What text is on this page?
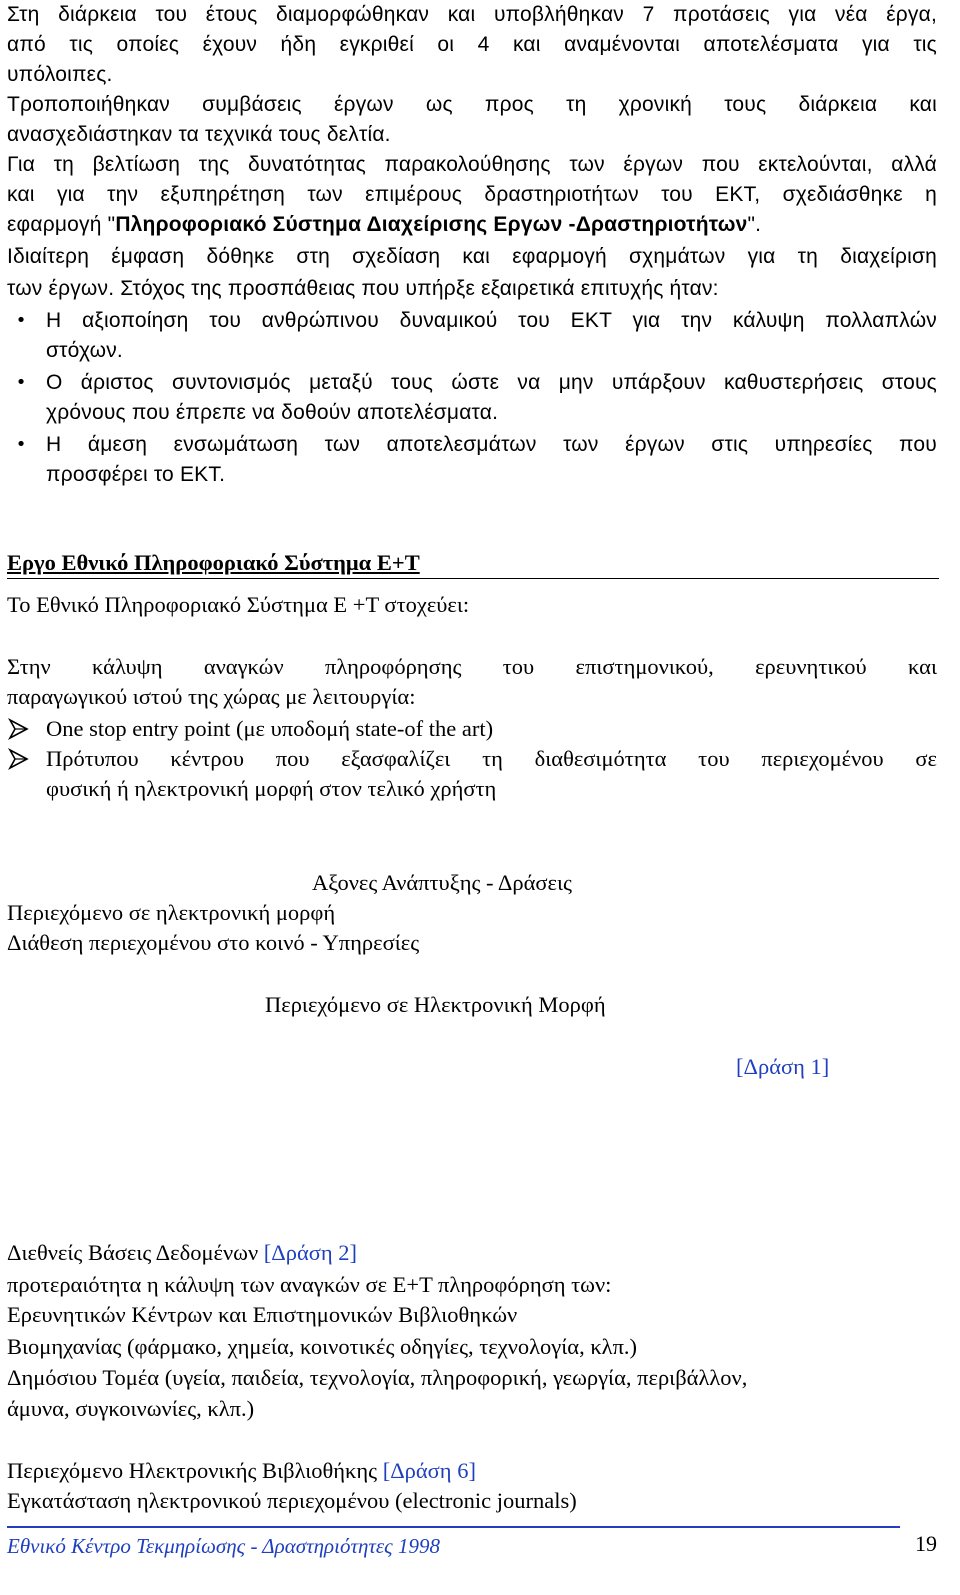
Στη διάρκεια του έτους διαμορφώθηκαν και υποβλήθηκαν 7 προτάσεις για νέα έργα,
από τις οποίες έχουν ήδη εγκριθεί οι 4 και αναμένονται αποτελέσματα για τις
υπόλοιπες.
Τροποποιήθηκαν συμβάσεις έργων ως προς τη χρονική τους διάρκεια και
ανασχεδιάστηκαν τα τεχνικά τους δελτία.
Για τη βελτίωση της δυνατότητας παρακολούθησης των έργων που εκτελούνται, αλλά
και για την εξυπηρέτηση των επιμέρους δραστηριοτήτων του ΕΚΤ, σχεδιάσθηκε η
εφαρμογή "Πληροφοριακό Σύστημα Διαχείρισης Εργων -Δραστηριοτήτων".
Ιδιαίτερη έμφαση δόθηκε στη σχεδίαση και εφαρμογή σχημάτων για τη διαχείριση
των έργων. Στόχος της προσπάθειας που υπήρξε εξαιρετικά επιτυχής ήταν:
• Η αξιοποίηση του ανθρώπινου δυναμικού του ΕΚΤ για την κάλυψη πολλαπλών
στόχων.
• Ο άριστος συντονισμός μεταξύ τους ώστε να μην υπάρξουν καθυστερήσεις στους
χρόνους που έπρεπε να δοθούν αποτελέσματα.
• Η άμεση ενσωμάτωση των αποτελεσμάτων των έργων στις υπηρεσίες που
προσφέρει το ΕΚΤ.
Εργο Εθνικό Πληροφοριακό Σύστημα Ε+Τ
Το Εθνικό Πληροφοριακό Σύστημα Ε +Τ στοχεύει:
Στην κάλυψη αναγκών πληροφόρησης του επιστημονικού, ερευνητικού και
παραγωγικού ιστού της χώρας με λειτουργία:
One stop entry point (με υποδομή state-of the art)
Πρότυπου κέντρου που εξασφαλίζει τη διαθεσιμότητα του περιεχομένου σε
φυσική ή ηλεκτρονική μορφή στον τελικό χρήστη
Αξονες Ανάπτυξης - Δράσεις
Περιεχόμενο σε ηλεκτρονική μορφή
Διάθεση περιεχομένου στο κοινό - Υπηρεσίες
Περιεχόμενο σε Ηλεκτρονική Μορφή
[Δράση 1]
Διεθνείς Βάσεις Δεδομένων [Δράση 2]
προτεραιότητα η κάλυψη των αναγκών σε Ε+Τ πληροφόρηση των:
Ερευνητικών Κέντρων και Επιστημονικών Βιβλιοθηκών
Βιομηχανίας (φάρμακο, χημεία, κοινοτικές οδηγίες, τεχνολογία, κλπ.)
Δημόσιου Τομέα (υγεία, παιδεία, τεχνολογία, πληροφορική, γεωργία, περιβάλλον,
άμυνα, συγκοινωνίες, κλπ.)
Περιεχόμενο Ηλεκτρονικής Βιβλιοθήκης [Δράση 6]
Εγκατάσταση ηλεκτρονικού περιεχομένου (electronic journals)
Εθνικό Κέντρο Τεκμηρίωσης - Δραστηριότητες 1998	19
